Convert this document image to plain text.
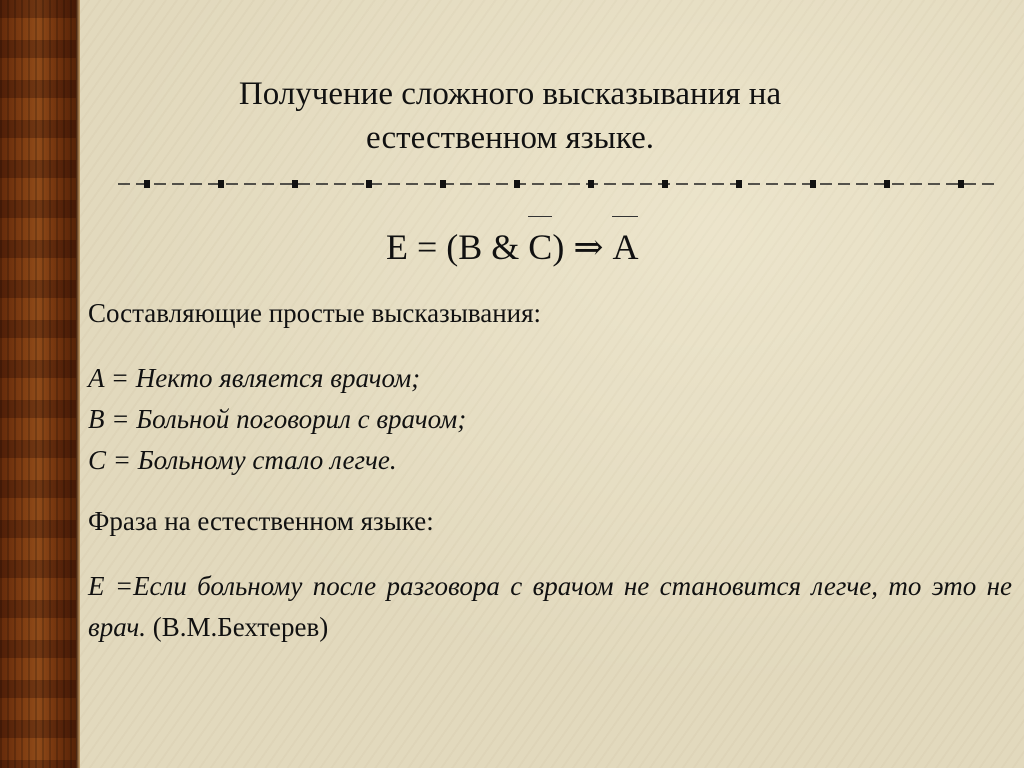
Получение сложного высказывания на
естественном языке.
E = (B & C) ⇒ A
Составляющие простые высказывания:
A = Некто является врачом;
B = Больной поговорил с врачом;
C = Больному стало легче.
Фраза на естественном языке:
E =Если больному после разговора с врачом не становится легче, то это не врач. (В.М.Бехтерев)
